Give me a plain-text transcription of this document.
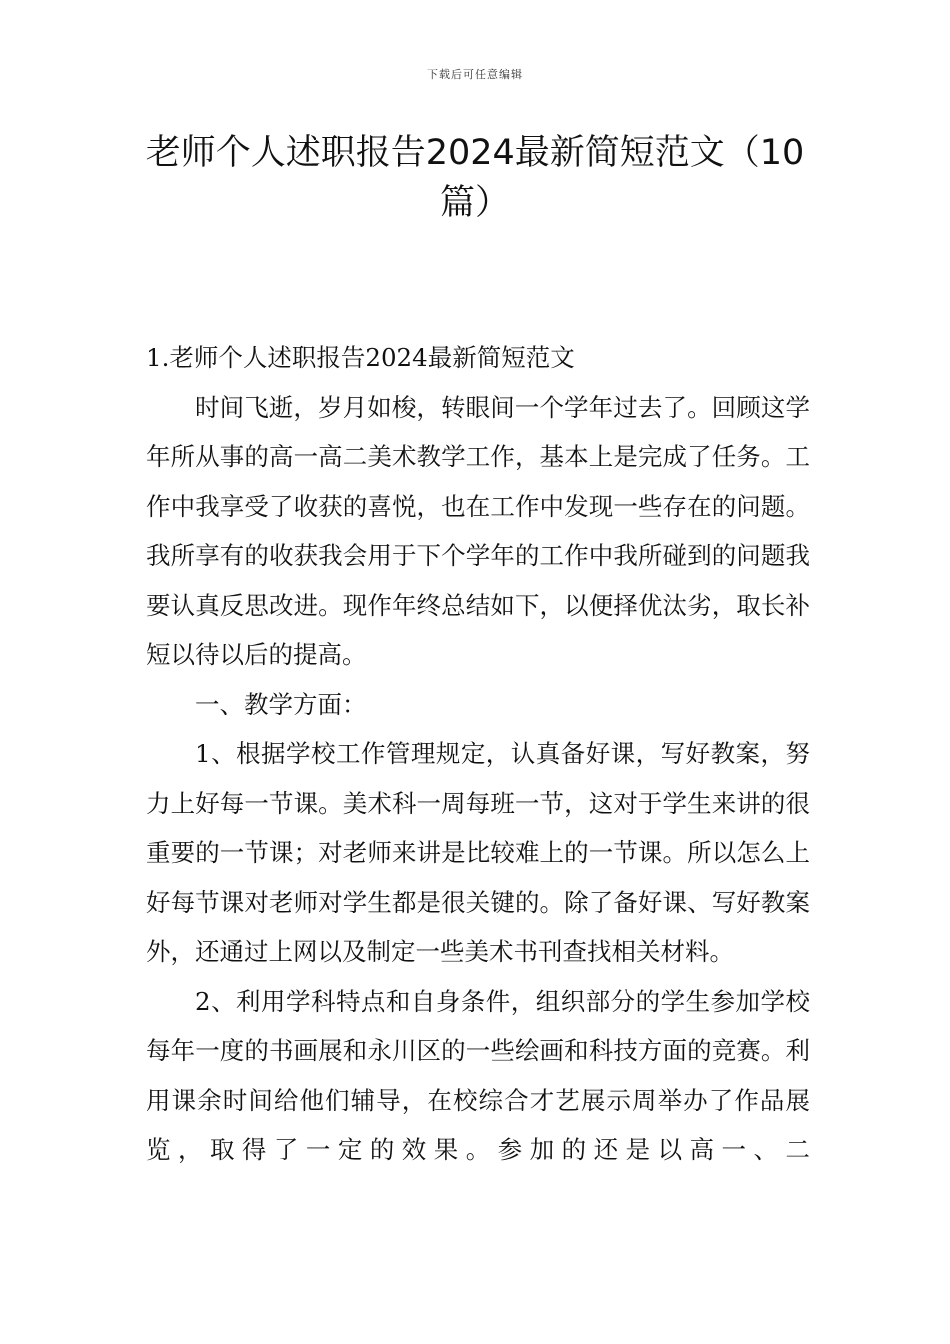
下载后可任意编辑
老师个人述职报告2024最新简短范文（10篇）

1.老师个人述职报告2024最新简短范文

时间飞逝，岁月如梭，转眼间一个学年过去了。回顾这学年所从事的高一高二美术教学工作，基本上是完成了任务。工作中我享受了收获的喜悦，也在工作中发现一些存在的问题。我所享有的收获我会用于下个学年的工作中我所碰到的问题我要认真反思改进。现作年终总结如下，以便择优汰劣，取长补短以待以后的提高。

一、教学方面：

1、根据学校工作管理规定，认真备好课，写好教案，努力上好每一节课。美术科一周每班一节，这对于学生来讲的很重要的一节课；对老师来讲是比较难上的一节课。所以怎么上好每节课对老师对学生都是很关键的。除了备好课、写好教案外，还通过上网以及制定一些美术书刊查找相关材料。

2、利用学科特点和自身条件，组织部分的学生参加学校每年一度的书画展和永川区的一些绘画和科技方面的竞赛。利用课余时间给他们辅导，在校综合才艺展示周举办了作品展览，取得了一定的效果。参加的还是以高一、二
